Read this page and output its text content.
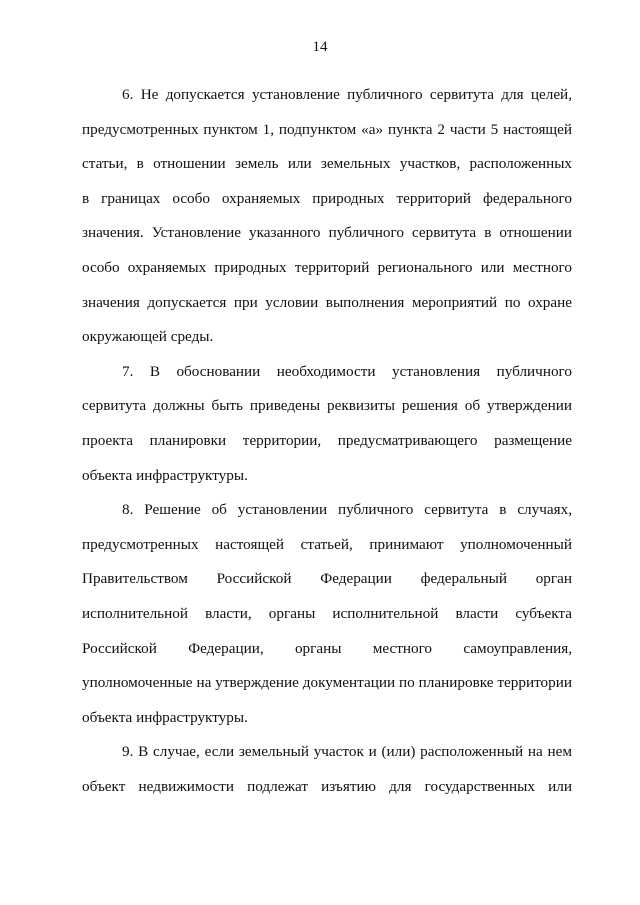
14
6. Не допускается установление публичного сервитута для целей,
предусмотренных пунктом 1, подпунктом «а» пункта 2 части 5 настоящей
статьи, в отношении земель или земельных участков, расположенных
в границах особо охраняемых природных территорий федерального
значения. Установление указанного публичного сервитута в отношении
особо охраняемых природных территорий регионального или местного
значения допускается при условии выполнения мероприятий по охране
окружающей среды.
7. В обосновании необходимости установления публичного
сервитута должны быть приведены реквизиты решения об утверждении
проекта планировки территории, предусматривающего размещение
объекта инфраструктуры.
8. Решение об установлении публичного сервитута в случаях,
предусмотренных настоящей статьей, принимают уполномоченный
Правительством Российской Федерации федеральный орган
исполнительной власти, органы исполнительной власти субъекта
Российской Федерации, органы местного самоуправления,
уполномоченные на утверждение документации по планировке территории
объекта инфраструктуры.
9. В случае, если земельный участок и (или) расположенный на нем
объект недвижимости подлежат изъятию для государственных или
